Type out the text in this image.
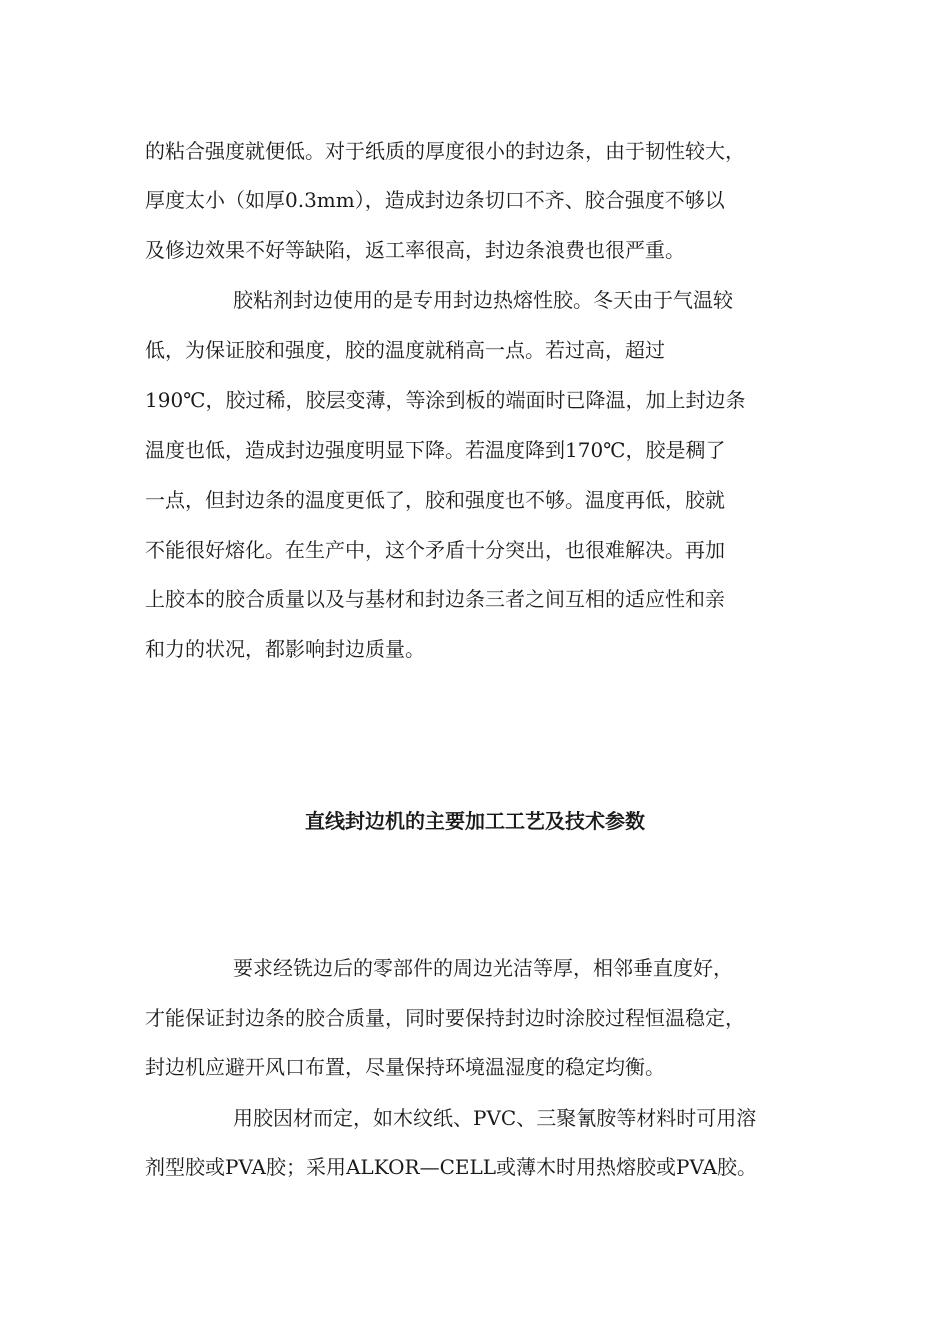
的粘合强度就便低。对于纸质的厚度很小的封边条，由于韧性较大，
厚度太小（如厚0.3mm），造成封边条切口不齐、胶合强度不够以
及修边效果不好等缺陷，返工率很高，封边条浪费也很严重。
胶粘剂封边使用的是专用封边热熔性胶。冬天由于气温较
低，为保证胶和强度，胶的温度就稍高一点。若过高，超过
190℃，胶过稀，胶层变薄，等涂到板的端面时已降温，加上封边条
温度也低，造成封边强度明显下降。若温度降到170℃，胶是稠了
一点，但封边条的温度更低了，胶和强度也不够。温度再低，胶就
不能很好熔化。在生产中，这个矛盾十分突出，也很难解决。再加
上胶本的胶合质量以及与基材和封边条三者之间互相的适应性和亲
和力的状况，都影响封边质量。
直线封边机的主要加工工艺及技术参数
要求经铣边后的零部件的周边光洁等厚，相邻垂直度好，
才能保证封边条的胶合质量，同时要保持封边时涂胶过程恒温稳定，
封边机应避开风口布置，尽量保持环境温湿度的稳定均衡。
用胶因材而定，如木纹纸、PVC、三聚氰胺等材料时可用溶
剂型胶或PVA胶；采用ALKOR—CELL或薄木时用热熔胶或PVA胶。
